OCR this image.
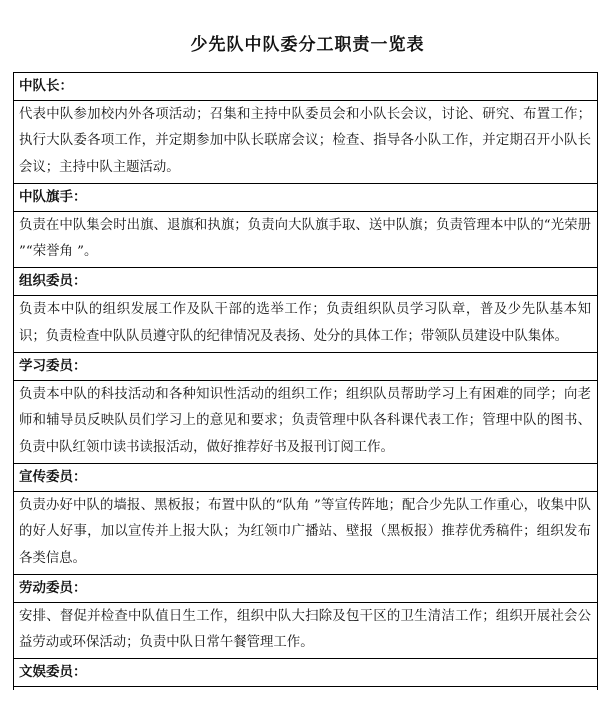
少先队中队委分工职责一览表
中队长：
代表中队参加校内外各项活动；召集和主持中队委员会和小队长会议，讨论、研究、布置工作；执行大队委各项工作，并定期参加中队长联席会议；检查、指导各小队工作，并定期召开小队长会议；主持中队主题活动。
中队旗手：
负责在中队集会时出旗、退旗和执旗；负责向大队旗手取、送中队旗；负责管理本中队的“光荣册 ”“荣誉角 ”。
组织委员：
负责本中队的组织发展工作及队干部的选举工作；负责组织队员学习队章，普及少先队基本知识；负责检查中队队员遵守队的纪律情况及表扬、处分的具体工作；带领队员建设中队集体。
学习委员：
负责本中队的科技活动和各种知识性活动的组织工作；组织队员帮助学习上有困难的同学；向老师和辅导员反映队员们学习上的意见和要求；负责管理中队各科课代表工作；管理中队的图书、负责中队红领巾读书读报活动，做好推荐好书及报刊订阅工作。
宣传委员：
负责办好中队的墙报、黑板报；布置中队的“队角 ”等宣传阵地；配合少先队工作重心，收集中队的好人好事，加以宣传并上报大队；为红领巾广播站、壁报（黑板报）推荐优秀稿件；组织发布各类信息。
劳动委员：
安排、督促并检查中队值日生工作，组织中队大扫除及包干区的卫生清洁工作；组织开展社会公益劳动或环保活动；负责中队日常午餐管理工作。
文娱委员：
